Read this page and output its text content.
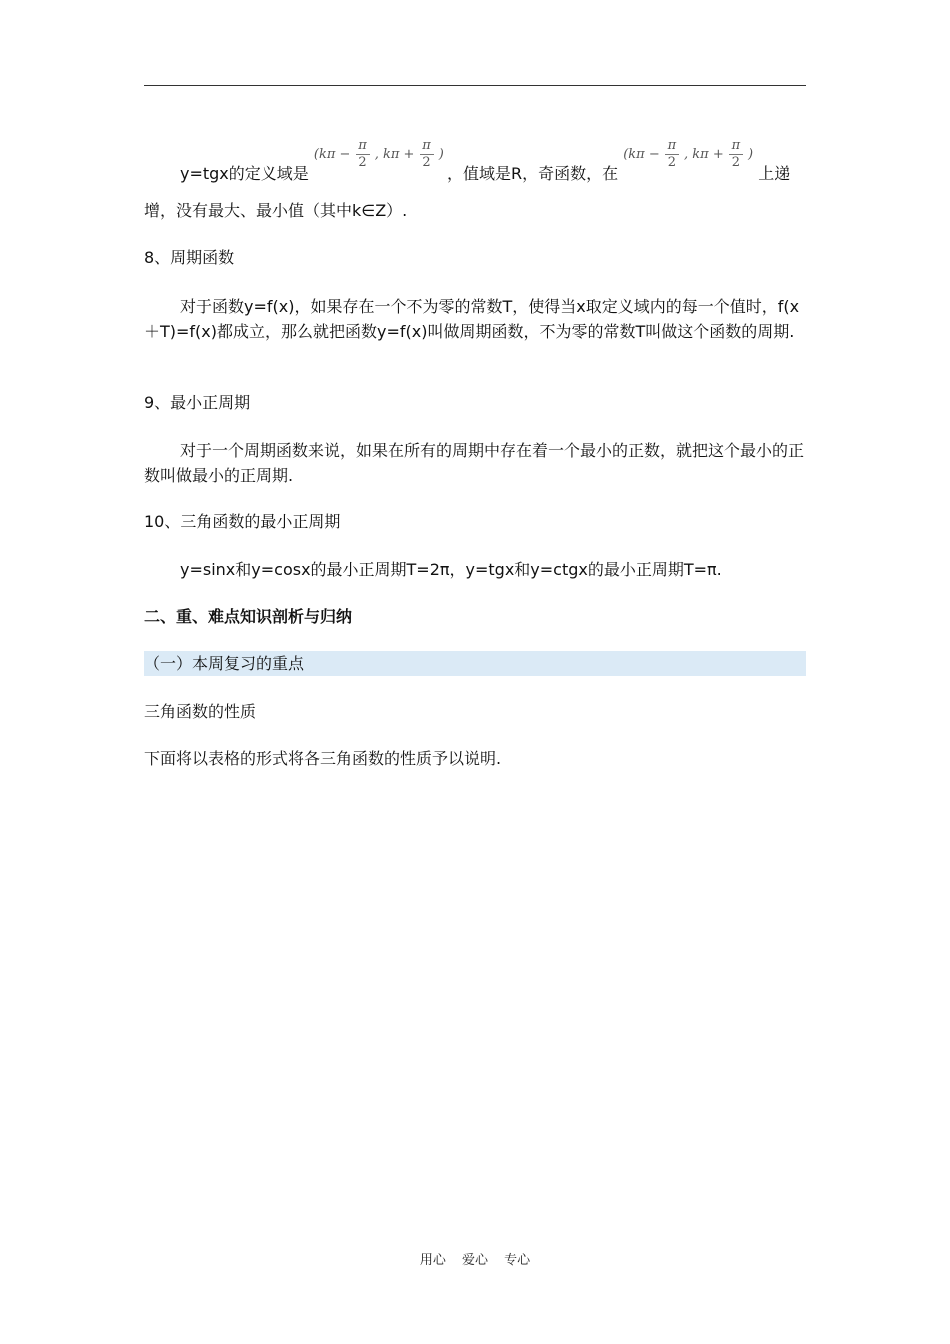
y=tgx的定义域是
($k\pi - \frac{\pi}{2}$ , $k\pi + \frac{\pi}{2}$ )
，值域是R，奇函数，在
($k\pi - \frac{\pi}{2}$ , $k\pi + \frac{\pi}{2}$ )
上递
增，没有最大、最小值（其中k∈Z）.
8、周期函数
对于函数y=f(x)，如果存在一个不为零的常数T，使得当x取定义域内的每一个值时，f(x＋T)=f(x)都成立，那么就把函数y=f(x)叫做周期函数，不为零的常数T叫做这个函数的周期.
9、最小正周期
对于一个周期函数来说，如果在所有的周期中存在着一个最小的正数，就把这个最小的正数叫做最小的正周期.
10、三角函数的最小正周期
y=sinx和y=cosx的最小正周期T=2π，y=tgx和y=ctgx的最小正周期T=π.
二、重、难点知识剖析与归纳
（一）本周复习的重点
三角函数的性质
下面将以表格的形式将各三角函数的性质予以说明.
用心 爱心 专心
